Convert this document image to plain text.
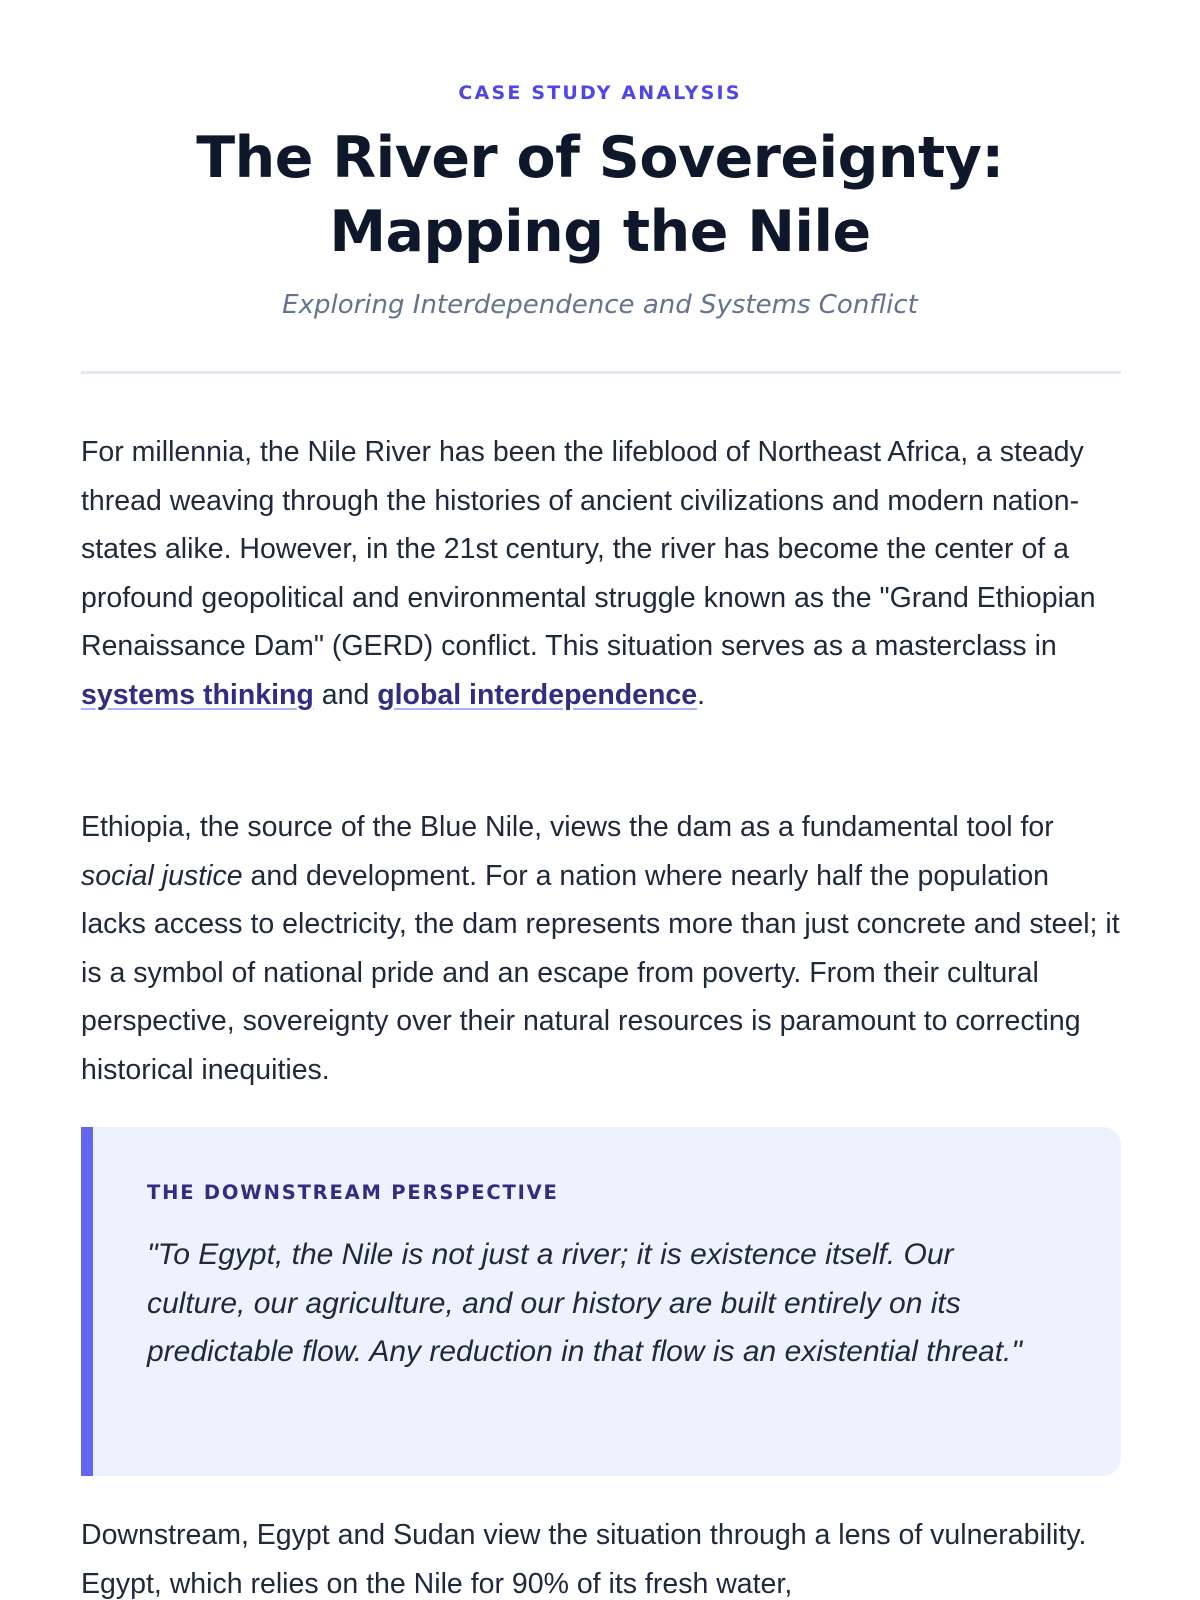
CASE STUDY ANALYSIS
The River of Sovereignty:
Mapping the Nile
Exploring Interdependence and Systems Conflict

For millennia, the Nile River has been the lifeblood of Northeast Africa, a steady thread weaving through the histories of ancient civilizations and modern nation-states alike. However, in the 21st century, the river has become the center of a profound geopolitical and environmental struggle known as the "Grand Ethiopian Renaissance Dam" (GERD) conflict. This situation serves as a masterclass in systems thinking and global interdependence.

Ethiopia, the source of the Blue Nile, views the dam as a fundamental tool for social justice and development. For a nation where nearly half the population lacks access to electricity, the dam represents more than just concrete and steel; it is a symbol of national pride and an escape from poverty. From their cultural perspective, sovereignty over their natural resources is paramount to correcting historical inequities.

THE DOWNSTREAM PERSPECTIVE

"To Egypt, the Nile is not just a river; it is existence itself. Our culture, our agriculture, and our history are built entirely on its predictable flow. Any reduction in that flow is an existential threat."

Downstream, Egypt and Sudan view the situation through a lens of vulnerability. Egypt, which relies on the Nile for 90% of its fresh water,
